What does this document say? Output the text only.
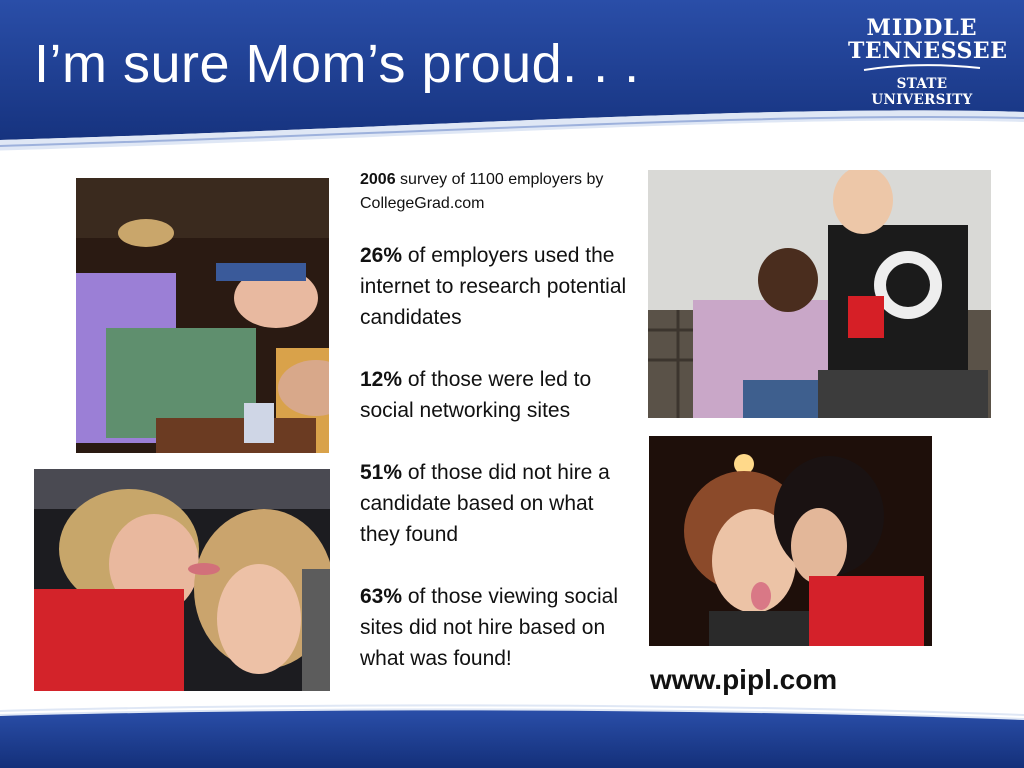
I’m sure Mom’s proud. . .
MIDDLE
TENNESSEE
STATE UNIVERSITY

2006 survey of 1100 employers by CollegeGrad.com

26% of employers used the internet to research potential candidates

12% of those were led to social networking sites

51% of those did not hire a candidate based on what they found

63% of those viewing social sites did not hire based on what was found!

www.pipl.com
